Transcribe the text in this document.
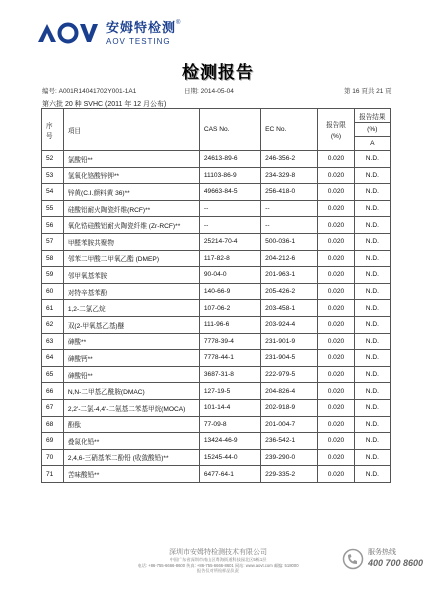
安姆特检测®
AOV TESTING
检测报告
编号: A001R14041702Y001-1A1	日期: 2014-05-04	第 16 頁共 21 頁
第六批 20 种 SVHC (2011 年 12 月公布)
序号	項目	CAS No.	EC No.	报告限
(%)	报告结果
					(%)
					A
52	氯酸铅**	24613-89-6	246-356-2	0.020	N.D.
53	氢氧化铬酸锌钾**	11103-86-9	234-329-8	0.020	N.D.
54	锌黄(C.I.颜料黄 36)**	49663-84-5	256-418-0	0.020	N.D.
55	硅酸铝耐火陶瓷纤维(RCF)**	--	--	0.020	N.D.
56	氧化锆硅酸铝耐火陶瓷纤维 (Zr-RCF)**	--	--	0.020	N.D.
57	甲醛苯胺共聚物	25214-70-4	500-036-1	0.020	N.D.
58	邻苯二甲酸二甲氧乙酯 (DMEP)	117-82-8	204-212-6	0.020	N.D.
59	邻甲氧基苯胺	90-04-0	201-963-1	0.020	N.D.
60	对特辛基苯酚	140-66-9	205-426-2	0.020	N.D.
61	1,2-二氯乙烷	107-06-2	203-458-1	0.020	N.D.
62	双(2-甲氧基乙基)醚	111-96-6	203-924-4	0.020	N.D.
63	砷酸**	7778-39-4	231-901-9	0.020	N.D.
64	砷酸钙**	7778-44-1	231-904-5	0.020	N.D.
65	砷酸铅**	3687-31-8	222-979-5	0.020	N.D.
66	N,N-二甲基乙酰胺(DMAC)	127-19-5	204-826-4	0.020	N.D.
67	2,2'-二氯-4,4'-二氨基二苯基甲烷(MOCA)	101-14-4	202-918-9	0.020	N.D.
68	酚酞	77-09-8	201-004-7	0.020	N.D.
69	叠氮化铅**	13424-46-9	236-542-1	0.020	N.D.
70	2,4,6-三硝基苯二酚铅 (收敛酸铅)**	15245-44-0	239-290-0	0.020	N.D.
71	苦味酸铅**	6477-64-1	229-335-2	0.020	N.D.
深圳市安姆特检测技术有限公司
中国广东省深圳市南山区粤海街道科技园北区5栋1层
电话: +86-755-6666-8600 传真: +86-755-6666-8601 网站: www.aovt.com 邮编: 518000
报告仅对所检样品负责
服务热线
400 700 8600
